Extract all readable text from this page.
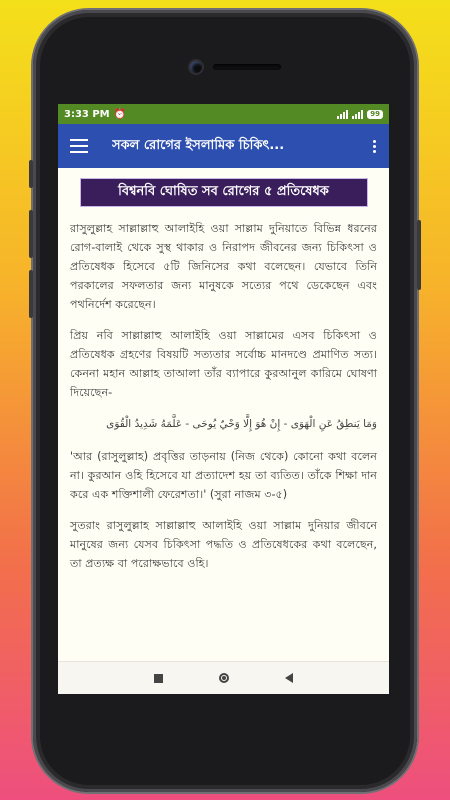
3:33 PM ⏰	99
সকল রোগের ইসলামিক চিকিৎ...
বিশ্বনবি ঘোষিত সব রোগের ৫ প্রতিষেধক

রাসুলুল্লাহ সাল্লাল্লাহু আলাইহি ওয়া সাল্লাম দুনিয়াতে বিভিন্ন ধরনের রোগ-বালাই থেকে সুস্থ থাকার ও নিরাপদ জীবনের জন্য চিকিৎসা ও প্রতিষেধক হিসেবে ৫টি জিনিসের কথা বলেছেন। যেভাবে তিনি পরকালের সফলতার জন্য মানুষকে সত্যের পথে ডেকেছেন এবং পথনির্দেশ করেছেন।

প্রিয় নবি সাল্লাল্লাহু আলাইহি ওয়া সাল্লামের এসব চিকিৎসা ও প্রতিষেধক গ্রহণের বিষয়টি সত্যতার সর্বোচ্চ মানদণ্ডে প্রমাণিত সত্য। কেননা মহান আল্লাহ তাআলা তাঁর ব্যাপারে কুরআনুল কারিমে ঘোষণা দিয়েছেন-

وَمَا يَنطِقُ عَنِ الْهَوَى - إِنْ هُوَ إِلَّا وَحْيٌ يُوحَى - عَلَّمَهُ شَدِيدُ الْقُوَى

'আর (রাসুলুল্লাহ) প্রবৃত্তির তাড়নায় (নিজ থেকে) কোনো কথা বলেন না। কুরআন ওহি হিসেবে যা প্রত্যাদেশ হয় তা ব্যতিত। তাঁকে শিক্ষা দান করে এক শক্তিশালী ফেরেশতা।' (সুরা নাজম ৩-৫)

সুতরাং রাসুলুল্লাহ সাল্লাল্লাহু আলাইহি ওয়া সাল্লাম দুনিয়ার জীবনে মানুষের জন্য যেসব চিকিৎসা পদ্ধতি ও প্রতিষেধকের কথা বলেছেন, তা প্রত্যক্ষ বা পরোক্ষভাবে ওহি।
